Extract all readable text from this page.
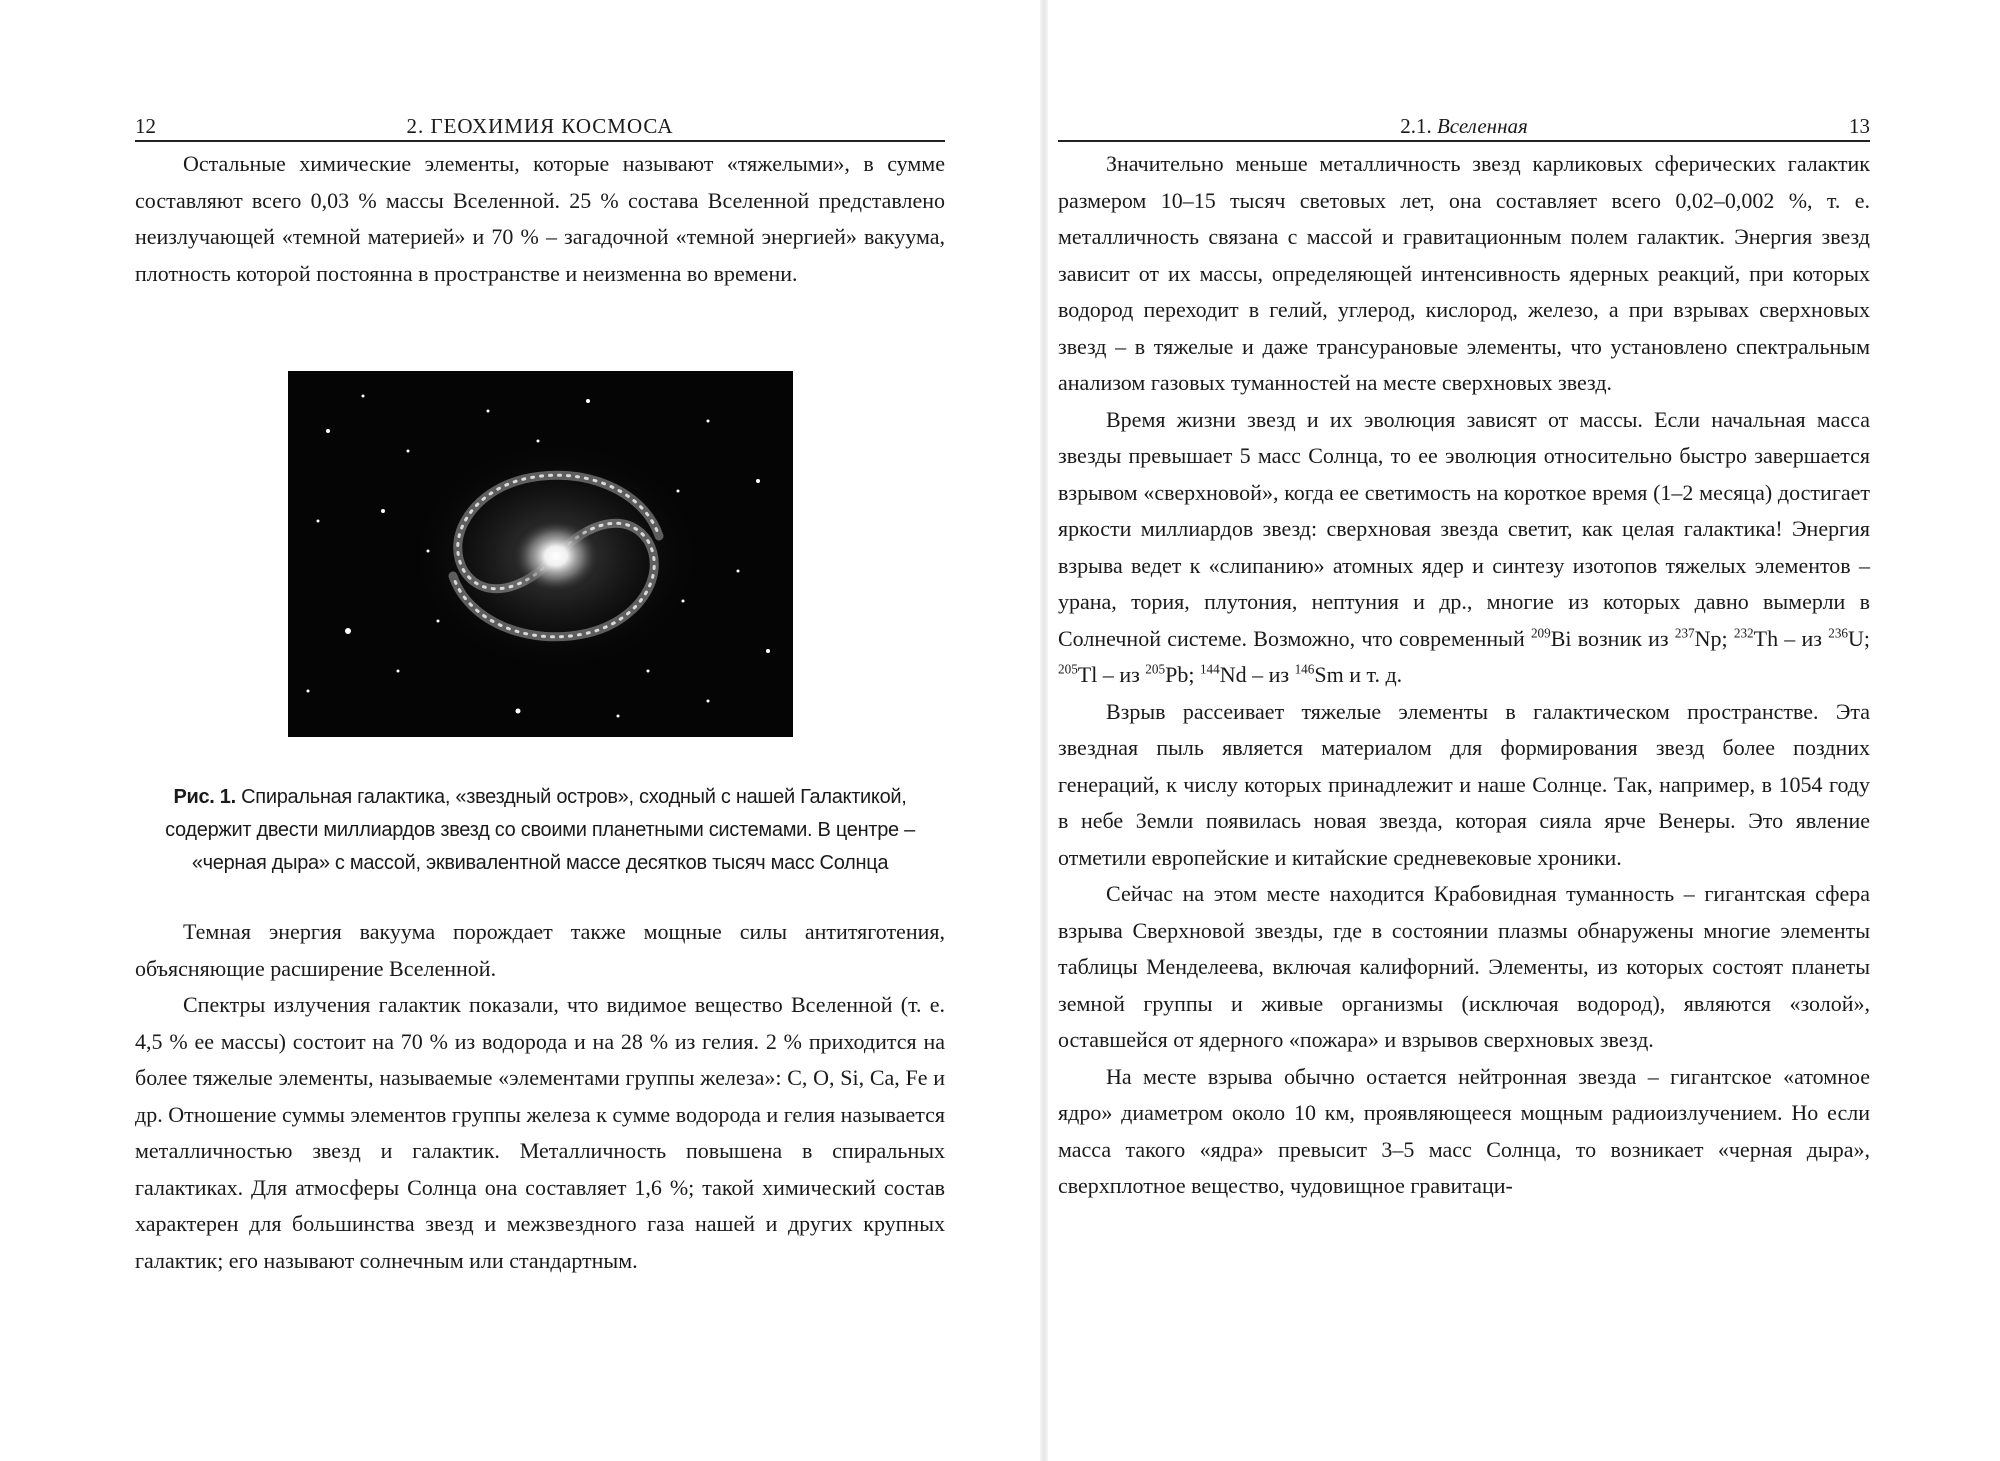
12	2. ГЕОХИМИЯ КОСМОСА

Остальные химические элементы, которые называют «тяжелыми», в сумме составляют всего 0,03 % массы Вселенной. 25 % состава Вселенной представлено неизлучающей «темной материей» и 70 % – загадочной «темной энергией» вакуума, плотность которой постоянна в пространстве и неизменна во времени.

Рис. 1. Спиральная галактика, «звездный остров», сходный с нашей Галактикой, содержит двести миллиардов звезд со своими планетными системами. В центре – «черная дыра» с массой, эквивалентной массе десятков тысяч масс Солнца

Темная энергия вакуума порождает также мощные силы антитяготения, объясняющие расширение Вселенной.

Спектры излучения галактик показали, что видимое вещество Вселенной (т. е. 4,5 % ее массы) состоит на 70 % из водорода и на 28 % из гелия. 2 % приходится на более тяжелые элементы, называемые «элементами группы железа»: C, O, Si, Ca, Fe и др. Отношение суммы элементов группы железа к сумме водорода и гелия называется металличностью звезд и галактик. Металличность повышена в спиральных галактиках. Для атмосферы Солнца она составляет 1,6 %; такой химический состав характерен для большинства звезд и межзвездного газа нашей и других крупных галактик; его называют солнечным или стандартным.

2.1. Вселенная	13

Значительно меньше металличность звезд карликовых сферических галактик размером 10–15 тысяч световых лет, она составляет всего 0,02–0,002 %, т. е. металличность связана с массой и гравитационным полем галактик. Энергия звезд зависит от их массы, определяющей интенсивность ядерных реакций, при которых водород переходит в гелий, углерод, кислород, железо, а при взрывах сверхновых звезд – в тяжелые и даже трансурановые элементы, что установлено спектральным анализом газовых туманностей на месте сверхновых звезд.

Время жизни звезд и их эволюция зависят от массы. Если начальная масса звезды превышает 5 масс Солнца, то ее эволюция относительно быстро завершается взрывом «сверхновой», когда ее светимость на короткое время (1–2 месяца) достигает яркости миллиардов звезд: сверхновая звезда светит, как целая галактика! Энергия взрыва ведет к «слипанию» атомных ядер и синтезу изотопов тяжелых элементов – урана, тория, плутония, нептуния и др., многие из которых давно вымерли в Солнечной системе. Возможно, что современный $^{209}$Bi возник из $^{237}$Np; $^{232}$Th – из $^{236}$U; $^{205}$Tl – из $^{205}$Pb; $^{144}$Nd – из $^{146}$Sm и т. д.

Взрыв рассеивает тяжелые элементы в галактическом пространстве. Эта звездная пыль является материалом для формирования звезд более поздних генераций, к числу которых принадлежит и наше Солнце. Так, например, в 1054 году в небе Земли появилась новая звезда, которая сияла ярче Венеры. Это явление отметили европейские и китайские средневековые хроники.

Сейчас на этом месте находится Крабовидная туманность – гигантская сфера взрыва Сверхновой звезды, где в состоянии плазмы обнаружены многие элементы таблицы Менделеева, включая калифорний. Элементы, из которых состоят планеты земной группы и живые организмы (исключая водород), являются «золой», оставшейся от ядерного «пожара» и взрывов сверхновых звезд.

На месте взрыва обычно остается нейтронная звезда – гигантское «атомное ядро» диаметром около 10 км, проявляющееся мощным радиоизлучением. Но если масса такого «ядра» превысит 3–5 масс Солнца, то возникает «черная дыра», сверхплотное вещество, чудовищное гравитаци-
